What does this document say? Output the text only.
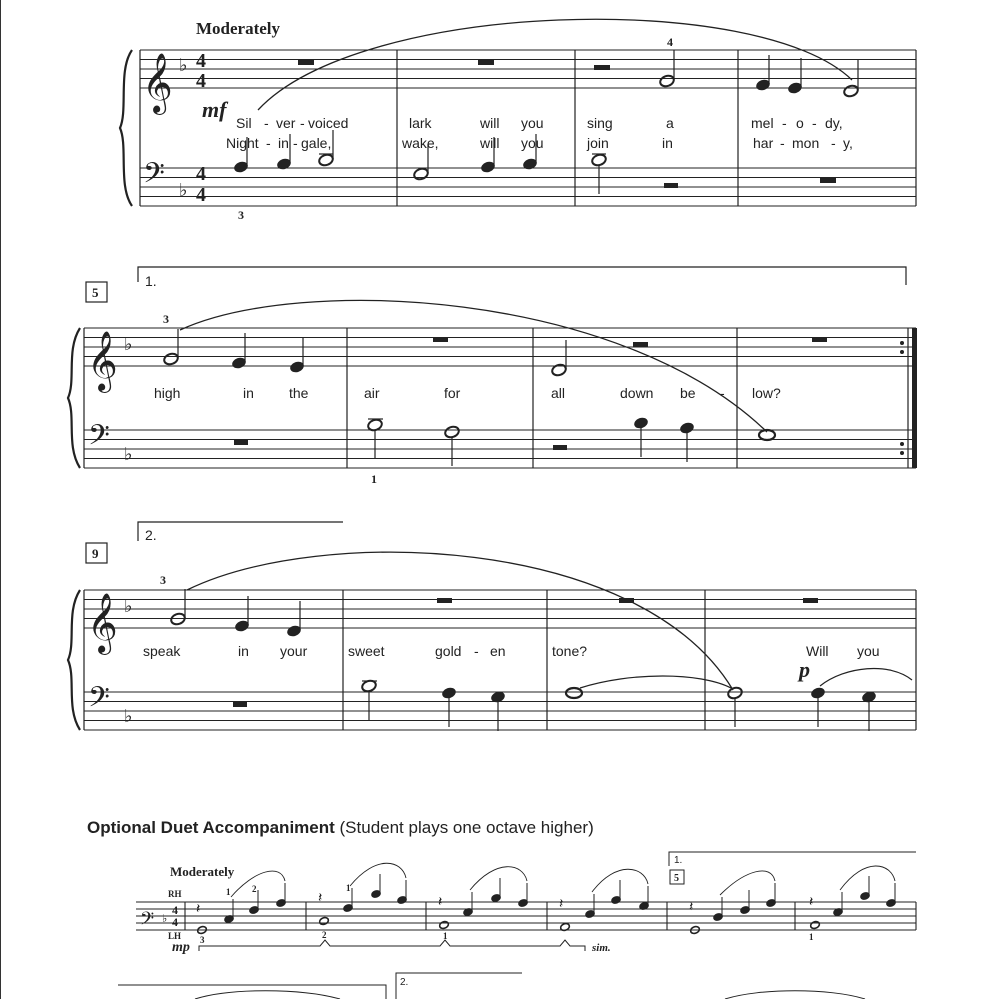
Moderately
𝄞
𝄢
♭
♭
4
4
4
4
4
mf
Sil - ver - voiced	lark	will you	sing	a	mel - o - dy,
Night - in - gale,	wake,	will you	join	in	har - mon - y,
3
5
1.
𝄞
𝄢
♭
♭
3
high	in	the	air	for	all	down be - low?
1
9
2.
𝄞
𝄢
♭
♭
3
speak	in your	sweet	gold - en	tone?	Will you
p
Moderately
RH
LH
𝄢 ♭
4
4
𝄽
𝄽	𝄽	𝄽	𝄽	𝄽
1 2	1
3	2	1	1
mp	sim.
1.
5
2.
Optional Duet Accompaniment (Student plays one octave higher)
